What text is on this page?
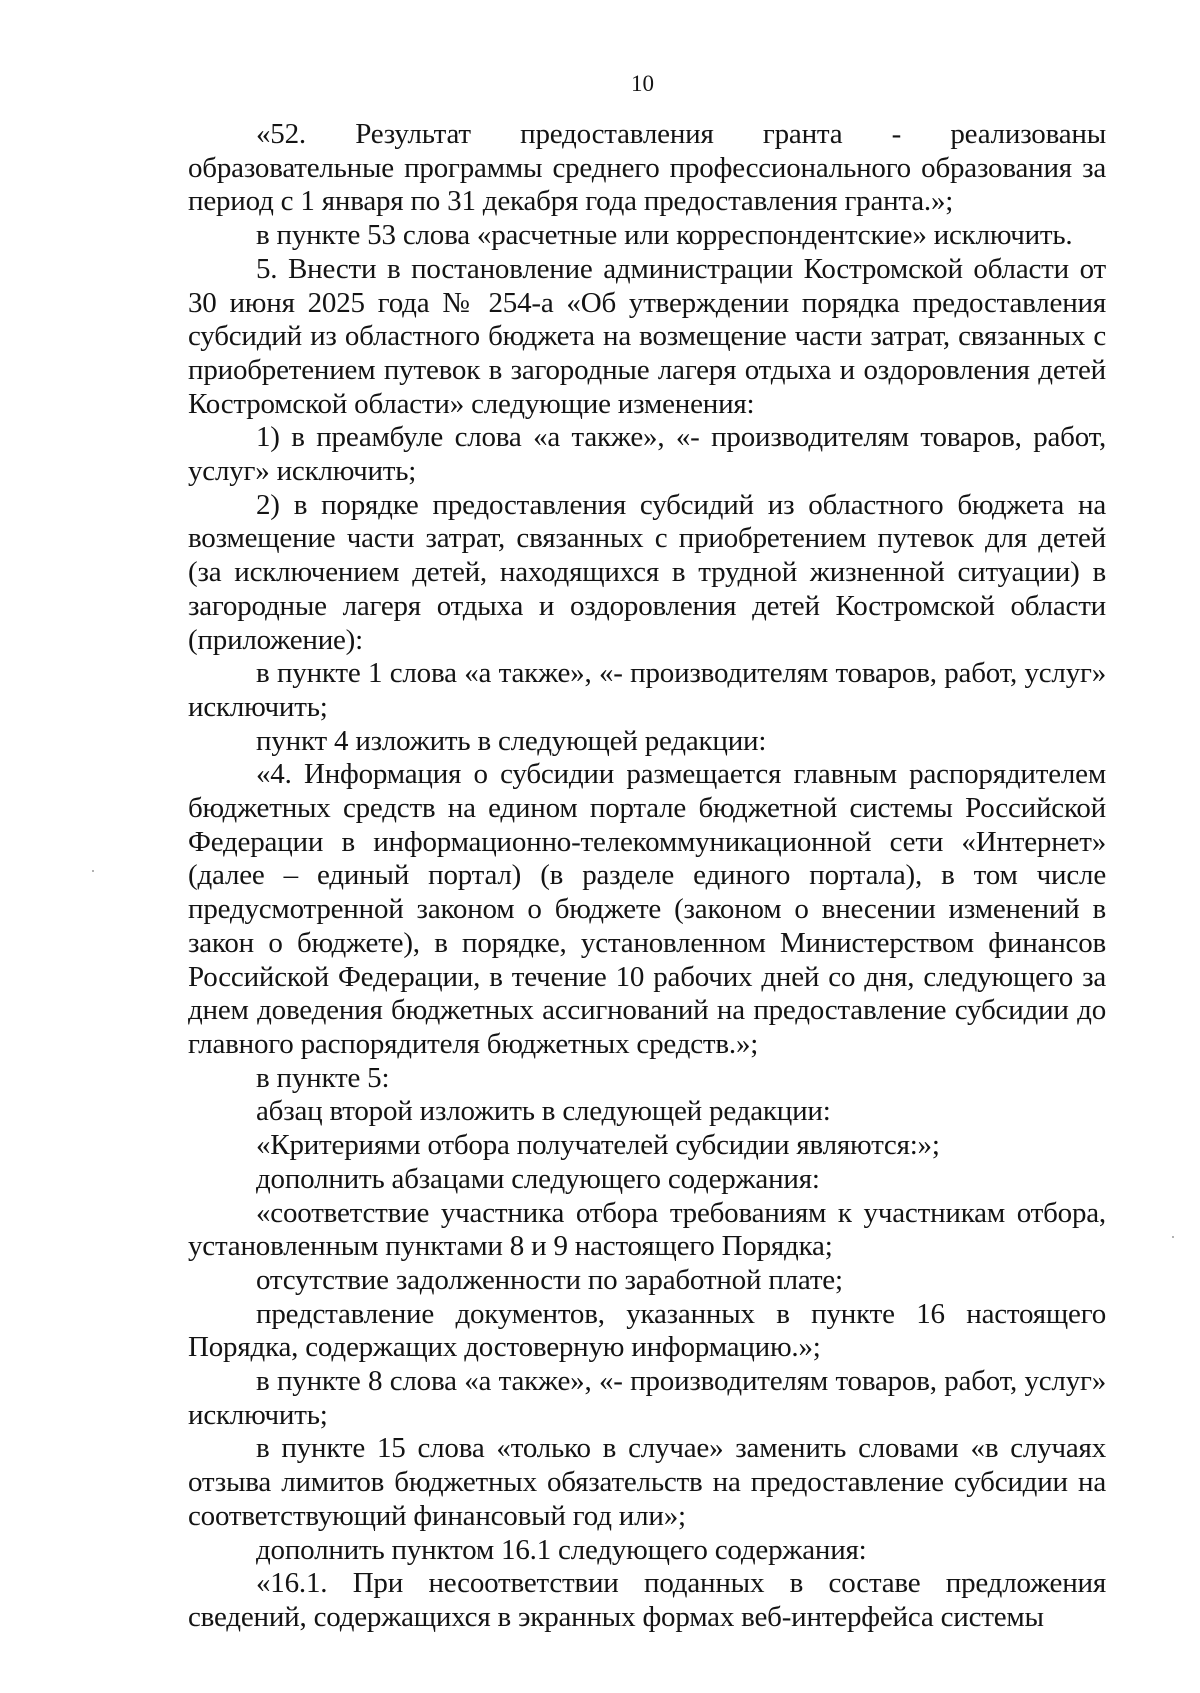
10

«52. Результат предоставления гранта - реализованы образовательные программы среднего профессионального образования за период с 1 января по 31 декабря года предоставления гранта.»;

в пункте 53 слова «расчетные или корреспондентские» исключить.

5. Внести в постановление администрации Костромской области от 30 июня 2025 года № 254-а «Об утверждении порядка предоставления субсидий из областного бюджета на возмещение части затрат, связанных с приобретением путевок в загородные лагеря отдыха и оздоровления детей Костромской области» следующие изменения:

1) в преамбуле слова «а также», «- производителям товаров, работ, услуг» исключить;

2) в порядке предоставления субсидий из областного бюджета на возмещение части затрат, связанных с приобретением путевок для детей (за исключением детей, находящихся в трудной жизненной ситуации) в загородные лагеря отдыха и оздоровления детей Костромской области (приложение):

в пункте 1 слова «а также», «- производителям товаров, работ, услуг» исключить;

пункт 4 изложить в следующей редакции:

«4. Информация о субсидии размещается главным распорядителем бюджетных средств на едином портале бюджетной системы Российской Федерации в информационно-телекоммуникационной сети «Интернет» (далее – единый портал) (в разделе единого портала), в том числе предусмотренной законом о бюджете (законом о внесении изменений в закон о бюджете), в порядке, установленном Министерством финансов Российской Федерации, в течение 10 рабочих дней со дня, следующего за днем доведения бюджетных ассигнований на предоставление субсидии до главного распорядителя бюджетных средств.»;

в пункте 5:

абзац второй изложить в следующей редакции:

«Критериями отбора получателей субсидии являются:»;

дополнить абзацами следующего содержания:

«соответствие участника отбора требованиям к участникам отбора, установленным пунктами 8 и 9 настоящего Порядка;

отсутствие задолженности по заработной плате;

представление документов, указанных в пункте 16 настоящего Порядка, содержащих достоверную информацию.»;

в пункте 8 слова «а также», «- производителям товаров, работ, услуг» исключить;

в пункте 15 слова «только в случае» заменить словами «в случаях отзыва лимитов бюджетных обязательств на предоставление субсидии на соответствующий финансовый год или»;

дополнить пунктом 16.1 следующего содержания:

«16.1. При несоответствии поданных в составе предложения сведений, содержащихся в экранных формах веб-интерфейса системы
